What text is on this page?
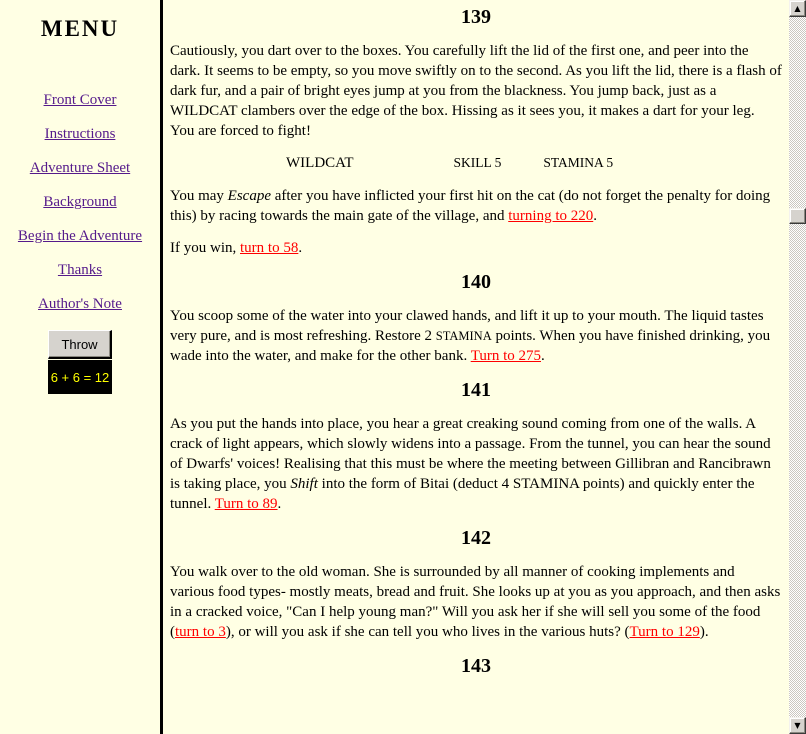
MENU
Front Cover
Instructions
Adventure Sheet
Background
Begin the Adventure
Thanks
Author's Note
Throw
6 + 6 = 12
139

Cautiously, you dart over to the boxes. You carefully lift the lid of the first one, and peer into the dark. It seems to be empty, so you move swiftly on to the second. As you lift the lid, there is a flash of dark fur, and a pair of bright eyes jump at you from the blackness. You jump back, just as a WILDCAT clambers over the edge of the box. Hissing as it sees you, it makes a dart for your leg. You are forced to fight!

WILDCAT	SKILL 5	STAMINA 5

You may Escape after you have inflicted your first hit on the cat (do not forget the penalty for doing this) by racing towards the main gate of the village, and turning to 220.

If you win, turn to 58.

140

You scoop some of the water into your clawed hands, and lift it up to your mouth. The liquid tastes very pure, and is most refreshing. Restore 2 STAMINA points. When you have finished drinking, you wade into the water, and make for the other bank. Turn to 275.

141

As you put the hands into place, you hear a great creaking sound coming from one of the walls. A crack of light appears, which slowly widens into a passage. From the tunnel, you can hear the sound of Dwarfs' voices! Realising that this must be where the meeting between Gillibran and Rancibrawn is taking place, you Shift into the form of Bitai (deduct 4 STAMINA points) and quickly enter the tunnel. Turn to 89.

142

You walk over to the old woman. She is surrounded by all manner of cooking implements and various food types- mostly meats, bread and fruit. She looks up at you as you approach, and then asks in a cracked voice, "Can I help young man?" Will you ask her if she will sell you some of the food (turn to 3), or will you ask if she can tell you who lives in the various huts? (Turn to 129).

143
▲
▼
